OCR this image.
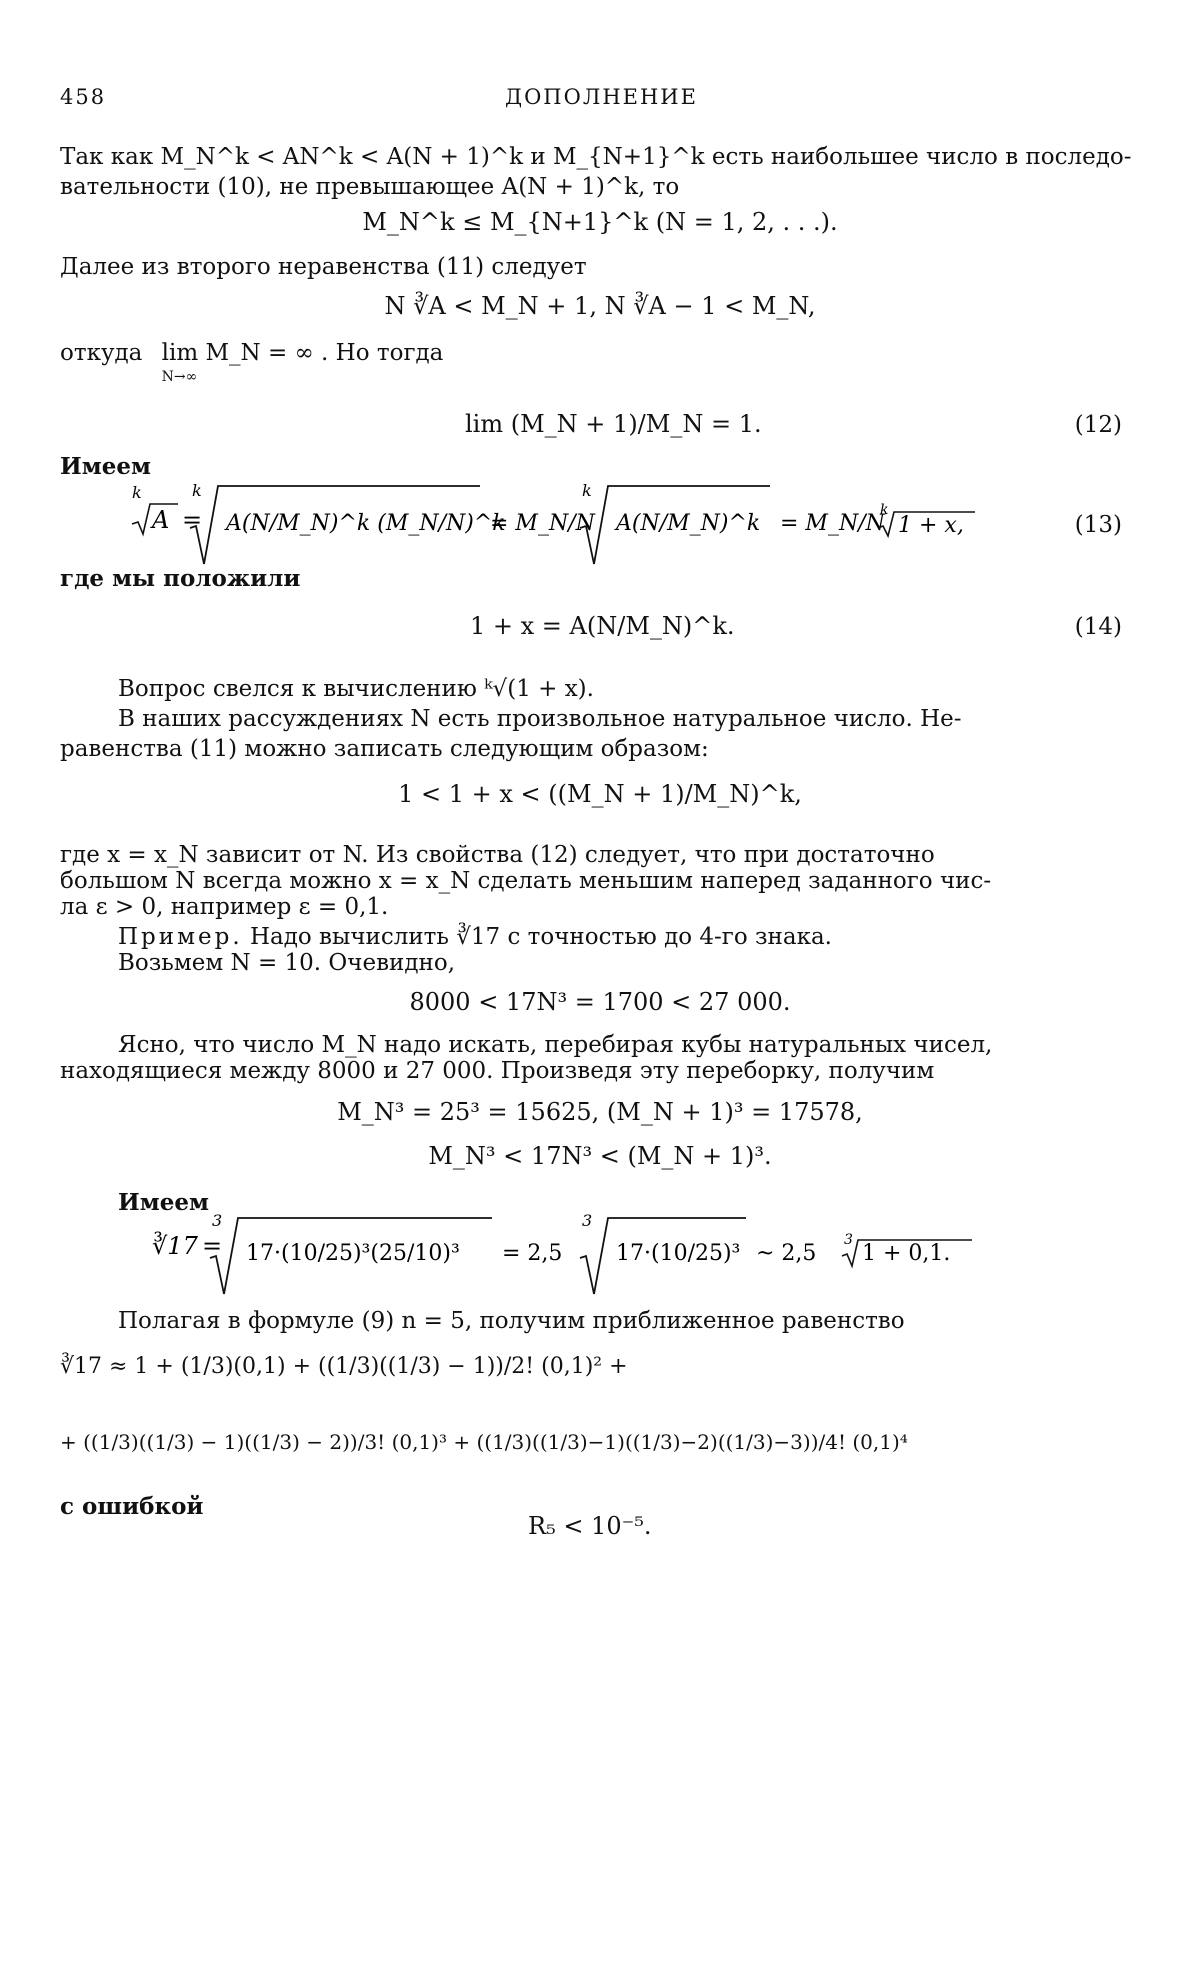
458	ДОПОЛНЕНИЕ
Так как M_N^k < AN^k < A(N + 1)^k и M_{N+1}^k есть наибольшее число в последо-
вательности (10), не превышающее A(N + 1)^k, то
M_N^k ≤ M_{N+1}^k (N = 1, 2, . . .).
Далее из второго неравенства (11) следует
N ∛A < M_N + 1, N ∛A − 1 < M_N,
откуда lim M_N = ∞
N→∞
. Но тогда
lim (M_N + 1)/M_N = 1.	(12)
Имеем
k
A =
k
A(N/M_N)^k (M_N/N)^k
= M_N/N
k
A(N/M_N)^k = M_N/N
k
1 + x,	(13)
где мы положили
1 + x = A(N/M_N)^k.	(14)
Вопрос свелся к вычислению ᵏ√(1 + x).
В наших рассуждениях N есть произвольное натуральное число. Не-
равенства (11) можно записать следующим образом:
1 < 1 + x < ((M_N + 1)/M_N)^k,
где x = x_N зависит от N. Из свойства (12) следует, что при достаточно
большом N всегда можно x = x_N сделать меньшим наперед заданного чис-
ла ε > 0, например ε = 0,1.
Пример. Надо вычислить ∛17 с точностью до 4-го знака.
Возьмем N = 10. Очевидно,
8000 < 17N³ = 1700 < 27 000.
Ясно, что число M_N надо искать, перебирая кубы натуральных чисел,
находящиеся между 8000 и 27 000. Произведя эту переборку, получим
M_N³ = 25³ = 15625, (M_N + 1)³ = 17578,
M_N³ < 17N³ < (M_N + 1)³.
Имеем
∛17 =
3
17·(10/25)³(25/10)³ = 2,5
3
17·(10/25)³ ~ 2,5
3
1 + 0,1.
Полагая в формуле (9) n = 5, получим приближенное равенство
∛17 ≈ 1 + (1/3)(0,1) + ((1/3)((1/3) − 1))/2! (0,1)² +
+ ((1/3)((1/3) − 1)((1/3) − 2))/3! (0,1)³ + ((1/3)((1/3)−1)((1/3)−2)((1/3)−3))/4! (0,1)⁴
с ошибкой
R₅ < 10⁻⁵.
